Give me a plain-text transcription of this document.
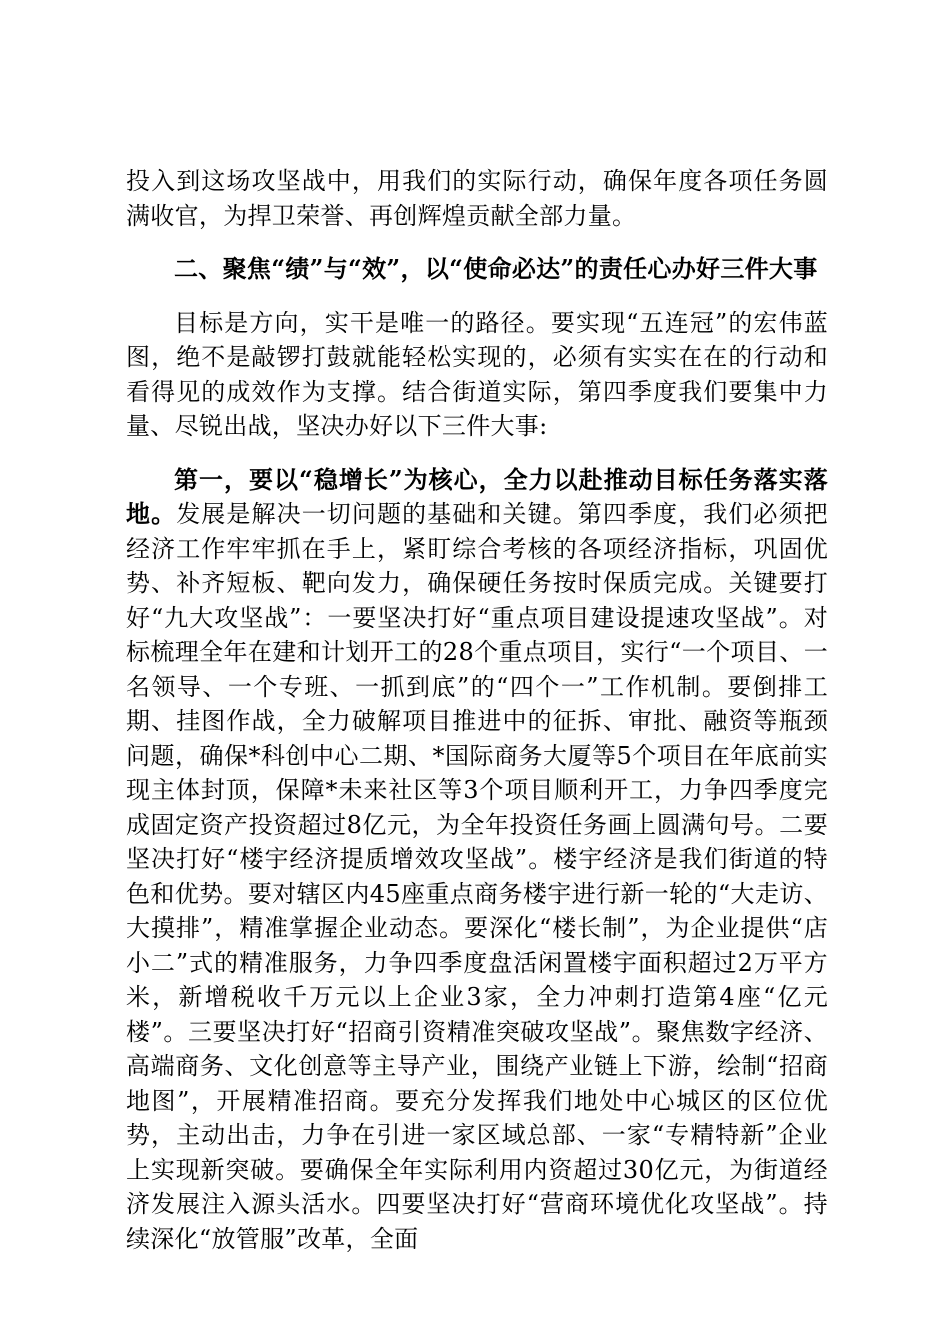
投入到这场攻坚战中，用我们的实际行动，确保年度各项任务圆满收官，为捍卫荣誉、再创辉煌贡献全部力量。

二、聚焦“绩”与“效”，以“使命必达”的责任心办好三件大事

目标是方向，实干是唯一的路径。要实现“五连冠”的宏伟蓝图，绝不是敲锣打鼓就能轻松实现的，必须有实实在在的行动和看得见的成效作为支撑。结合街道实际，第四季度我们要集中力量、尽锐出战，坚决办好以下三件大事:

第一，要以“稳增长”为核心，全力以赴推动目标任务落实落地。发展是解决一切问题的基础和关键。第四季度，我们必须把经济工作牢牢抓在手上，紧盯综合考核的各项经济指标，巩固优势、补齐短板、靶向发力，确保硬任务按时保质完成。关键要打好“九大攻坚战”：一要坚决打好“重点项目建设提速攻坚战”。对标梳理全年在建和计划开工的28个重点项目，实行“一个项目、一名领导、一个专班、一抓到底”的“四个一”工作机制。要倒排工期、挂图作战，全力破解项目推进中的征拆、审批、融资等瓶颈问题，确保*科创中心二期、*国际商务大厦等5个项目在年底前实现主体封顶，保障*未来社区等3个项目顺利开工，力争四季度完成固定资产投资超过8亿元，为全年投资任务画上圆满句号。二要坚决打好“楼宇经济提质增效攻坚战”。楼宇经济是我们街道的特色和优势。要对辖区内45座重点商务楼宇进行新一轮的“大走访、大摸排”，精准掌握企业动态。要深化“楼长制”，为企业提供“店小二”式的精准服务，力争四季度盘活闲置楼宇面积超过2万平方米，新增税收千万元以上企业3家，全力冲刺打造第4座“亿元楼”。三要坚决打好“招商引资精准突破攻坚战”。聚焦数字经济、高端商务、文化创意等主导产业，围绕产业链上下游，绘制“招商地图”，开展精准招商。要充分发挥我们地处中心城区的区位优势，主动出击，力争在引进一家区域总部、一家“专精特新”企业上实现新突破。要确保全年实际利用内资超过30亿元，为街道经济发展注入源头活水。四要坚决打好“营商环境优化攻坚战”。持续深化“放管服”改革，全面
